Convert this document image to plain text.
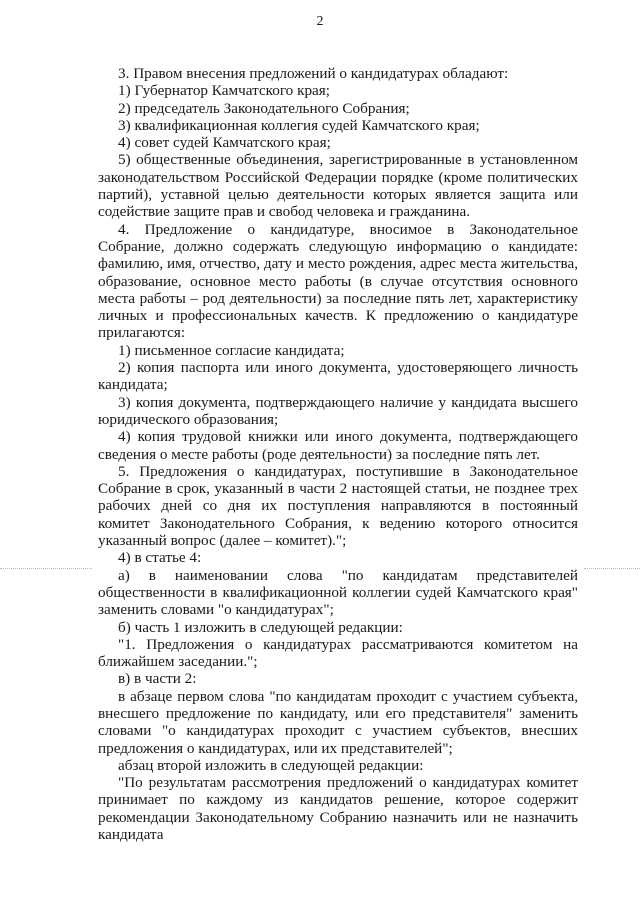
2

3. Правом внесения предложений о кандидатурах обладают:

1) Губернатор Камчатского края;

2) председатель Законодательного Собрания;

3) квалификационная коллегия судей Камчатского края;

4) совет судей Камчатского края;

5) общественные объединения, зарегистрированные в установленном законодательством Российской Федерации порядке (кроме политических партий), уставной целью деятельности которых является защита или содействие защите прав и свобод человека и гражданина.

4. Предложение о кандидатуре, вносимое в Законодательное Собрание, должно содержать следующую информацию о кандидате: фамилию, имя, отчество, дату и место рождения, адрес места жительства, образование, основное место работы (в случае отсутствия основного места работы – род деятельности) за последние пять лет, характеристику личных и профессиональных качеств. К предложению о кандидатуре прилагаются:

1) письменное согласие кандидата;

2) копия паспорта или иного документа, удостоверяющего личность кандидата;

3) копия документа, подтверждающего наличие у кандидата высшего юридического образования;

4) копия трудовой книжки или иного документа, подтверждающего сведения о месте работы (роде деятельности) за последние пять лет.

5. Предложения о кандидатурах, поступившие в Законодательное Собрание в срок, указанный в части 2 настоящей статьи, не позднее трех рабочих дней со дня их поступления направляются в постоянный комитет Законодательного Собрания, к ведению которого относится указанный вопрос (далее – комитет).";

4) в статье 4:

а) в наименовании слова "по кандидатам представителей общественности в квалификационной коллегии судей Камчатского края" заменить словами "о кандидатурах";

б) часть 1 изложить в следующей редакции:

"1. Предложения о кандидатурах рассматриваются комитетом на ближайшем заседании.";

в) в части 2:

в абзаце первом слова "по кандидатам проходит с участием субъекта, внесшего предложение по кандидату, или его представителя" заменить словами "о кандидатурах проходит с участием субъектов, внесших предложения о кандидатурах, или их представителей";

абзац второй изложить в следующей редакции:

"По результатам рассмотрения предложений о кандидатурах комитет принимает по каждому из кандидатов решение, которое содержит рекомендации Законодательному Собранию назначить или не назначить кандидата
